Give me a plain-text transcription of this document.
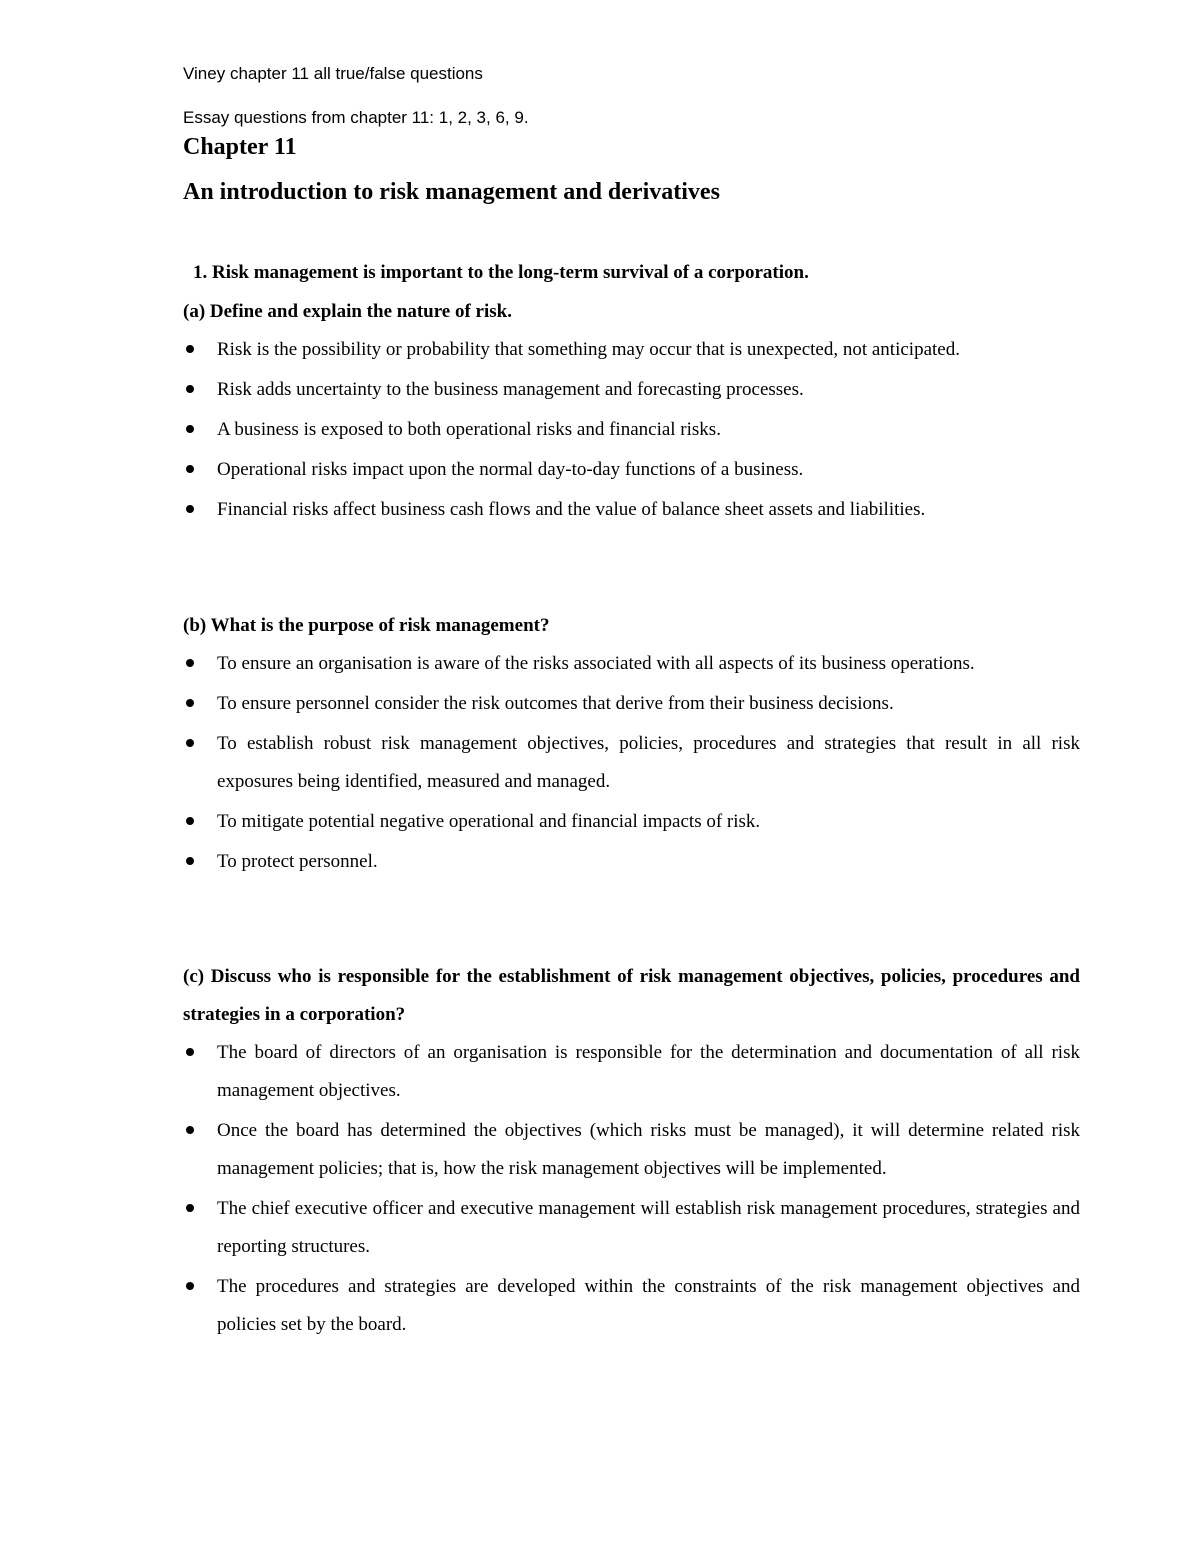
Viney chapter 11 all true/false questions
Essay questions from chapter 11: 1, 2, 3, 6, 9.
Chapter 11
An introduction to risk management and derivatives
1. Risk management is important to the long-term survival of a corporation.

(a) Define and explain the nature of risk.

Risk is the possibility or probability that something may occur that is unexpected, not anticipated.
Risk adds uncertainty to the business management and forecasting processes.
A business is exposed to both operational risks and financial risks.
Operational risks impact upon the normal day-to-day functions of a business.
Financial risks affect business cash flows and the value of balance sheet assets and liabilities.

(b) What is the purpose of risk management?

To ensure an organisation is aware of the risks associated with all aspects of its business operations.
To ensure personnel consider the risk outcomes that derive from their business decisions.
To establish robust risk management objectives, policies, procedures and strategies that result in all risk exposures being identified, measured and managed.
To mitigate potential negative operational and financial impacts of risk.
To protect personnel.

(c) Discuss who is responsible for the establishment of risk management objectives, policies, procedures and strategies in a corporation?

The board of directors of an organisation is responsible for the determination and documentation of all risk management objectives.
Once the board has determined the objectives (which risks must be managed), it will determine related risk management policies; that is, how the risk management objectives will be implemented.
The chief executive officer and executive management will establish risk management procedures, strategies and reporting structures.
The procedures and strategies are developed within the constraints of the risk management objectives and policies set by the board.
